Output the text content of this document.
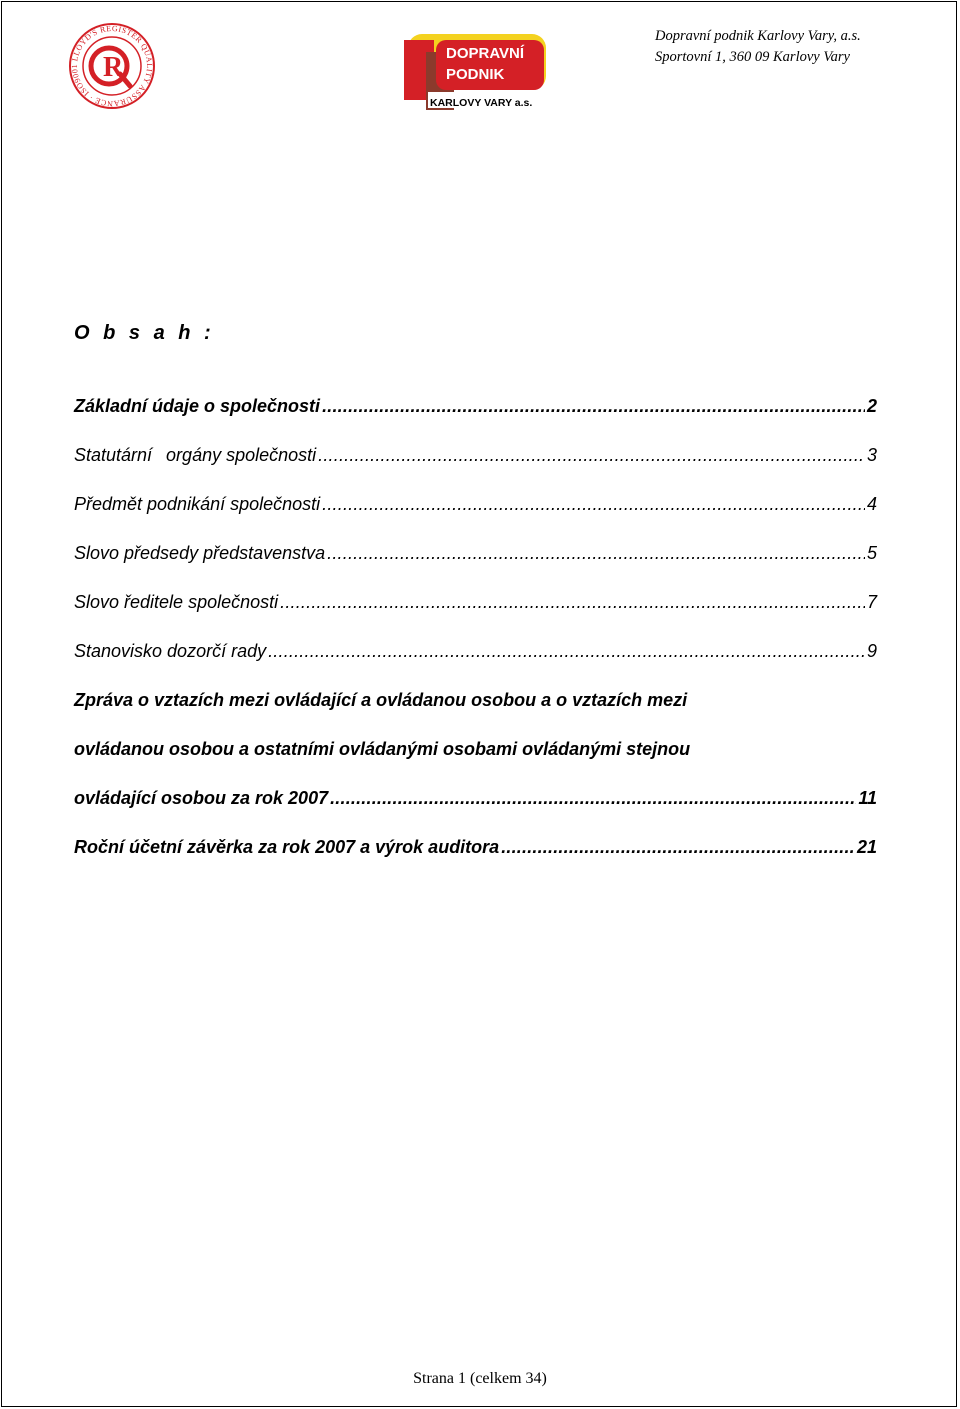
LLOYD'S REGISTER QUALITY ASSURANCE · ISO9001 R	DOPRAVNÍ
PODNIK
KARLOVY VARY a.s.
Dopravní podnik Karlovy Vary, a.s.
Sportovní 1, 360 09 Karlovy Vary
O b s a h :
Základní údaje o společnosti .....	2
Statutární orgány společnosti .....	3
Předmět podnikání společnosti .....	4
Slovo předsedy představenstva .....	5
Slovo ředitele společnosti .....	7
Stanovisko dozorčí rady .....	9
Zpráva o vztazích mezi ovládající a ovládanou osobou a o vztazích mezi
ovládanou osobou a ostatními ovládanými osobami ovládanými stejnou
ovládající osobou za rok 2007 .....	11
Roční účetní závěrka za rok 2007 a výrok auditora .....	21
Strana 1 (celkem 34)
